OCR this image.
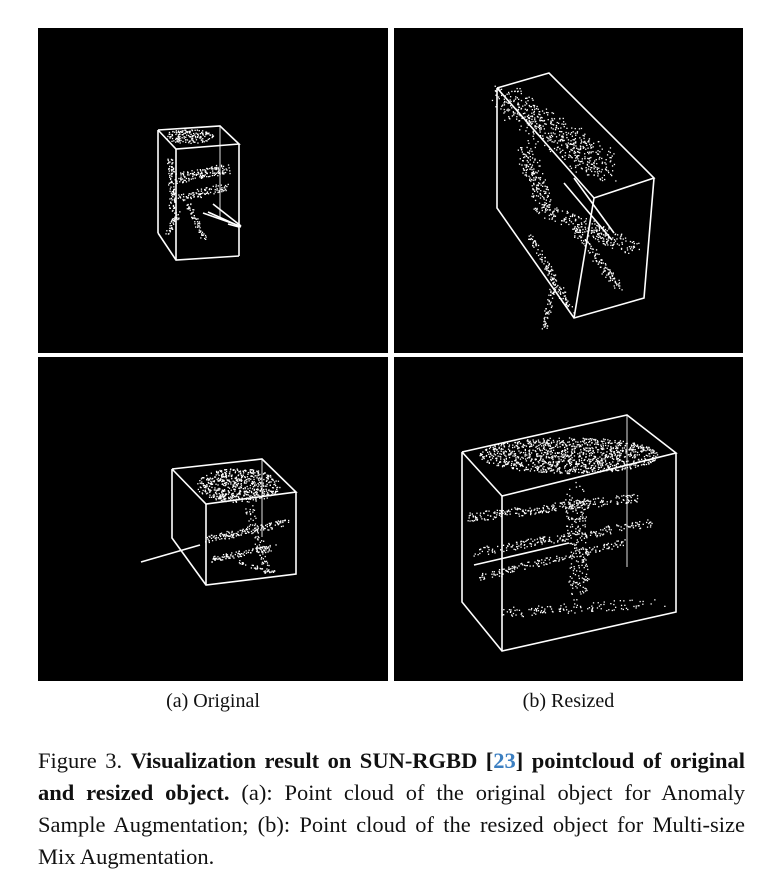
(a) Original	(b) Resized
Figure 3. Visualization result on SUN-RGBD [23] pointcloud of original and resized object. (a): Point cloud of the original object for Anomaly Sample Augmentation; (b): Point cloud of the resized object for Multi-size Mix Augmentation.
